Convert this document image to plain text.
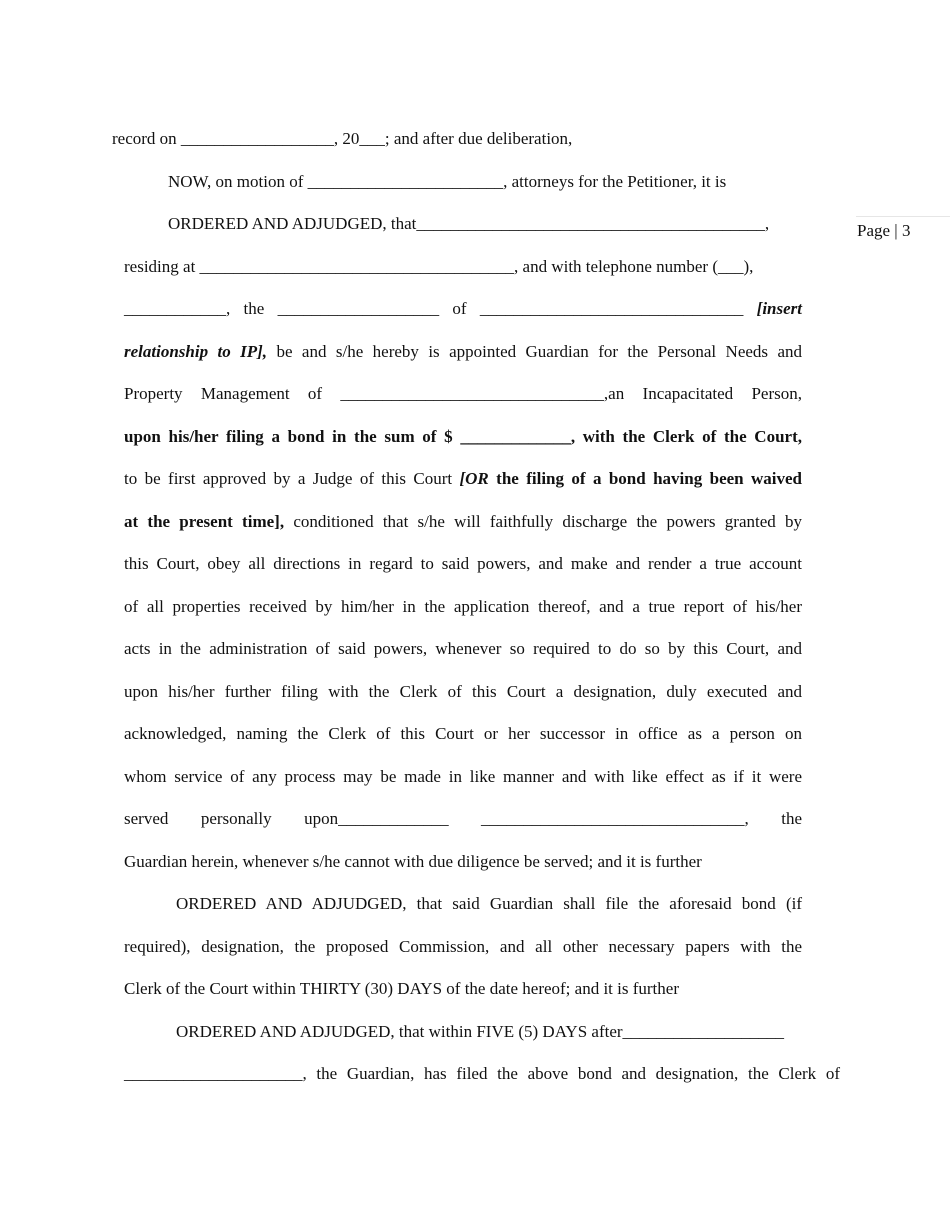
Page | 3
record on __________________, 20___; and after due deliberation,
NOW, on motion of _______________________, attorneys for the Petitioner, it is
ORDERED AND ADJUDGED, that_________________________________________,
residing at _____________________________________, and with telephone number (___),
____________, the ___________________ of _______________________________ [insert
relationship to IP], be and s/he hereby is appointed Guardian for the Personal Needs and
Property Management of _______________________________,an Incapacitated Person,
upon his/her filing a bond in the sum of $ _____________, with the Clerk of the Court,
to be first approved by a Judge of this Court [OR the filing of a bond having been waived
at the present time], conditioned that s/he will faithfully discharge the powers granted by
this Court, obey all directions in regard to said powers, and make and render a true account
of all properties received by him/her in the application thereof, and a true report of his/her
acts in the administration of said powers, whenever so required to do so by this Court, and
upon his/her further filing with the Clerk of this Court a designation, duly executed and
acknowledged, naming the Clerk of this Court or her successor in office as a person on
whom service of any process may be made in like manner and with like effect as if it were
served personally upon_____________ _______________________________, the
Guardian herein, whenever s/he cannot with due diligence be served; and it is further
ORDERED AND ADJUDGED, that said Guardian shall file the aforesaid bond (if
required), designation, the proposed Commission, and all other necessary papers with the
Clerk of the Court within THIRTY (30) DAYS of the date hereof; and it is further
ORDERED AND ADJUDGED, that within FIVE (5) DAYS after___________________
_____________________, the Guardian, has filed the above bond and designation, the Clerk of
